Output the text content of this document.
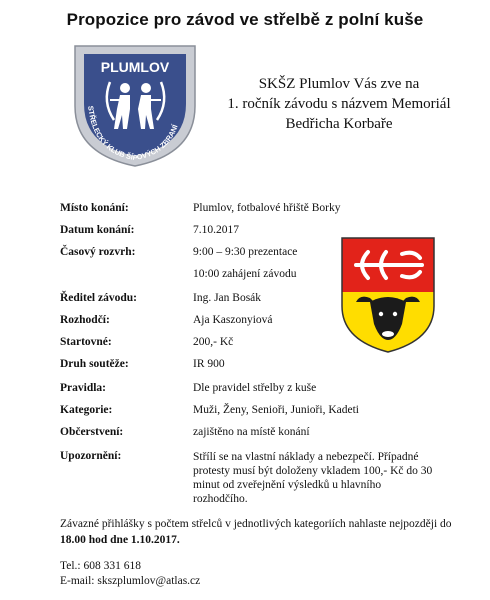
Propozice pro závod ve střelbě z polní kuše
PLUMLOV
STŘELECKÝ KLUB ŠÍPOVÝCH ZBRANÍ
SKŠZ Plumlov Vás zve na
1. ročník závodu s názvem Memoriál
Bedřicha Korbaře
Místo konání:	Plumlov, fotbalové hřiště Borky
Datum konání:	7.10.2017
Časový rozvrh:	9:00 – 9:30 prezentace
10:00 zahájení závodu
Ředitel závodu:	Ing. Jan Bosák
Rozhodčí:	Aja Kaszonyiová
Startovné:	200,- Kč
Druh soutěže:	IR 900
Pravidla:	Dle pravidel střelby z kuše
Kategorie:	Muži, Ženy, Senioři, Junioři, Kadeti
Občerstvení:	zajištěno na místě konání
Upozornění:	Střílí se na vlastní náklady a nebezpečí. Případné protesty musí být doloženy vkladem 100,- Kč do 30 minut od zveřejnění výsledků u hlavního rozhodčího.
Závazné přihlášky s počtem střelců v jednotlivých kategoriích nahlaste nejpozději do 18.00 hod dne 1.10.2017.
Tel.: 608 331 618
E-mail: skszplumlov@atlas.cz
